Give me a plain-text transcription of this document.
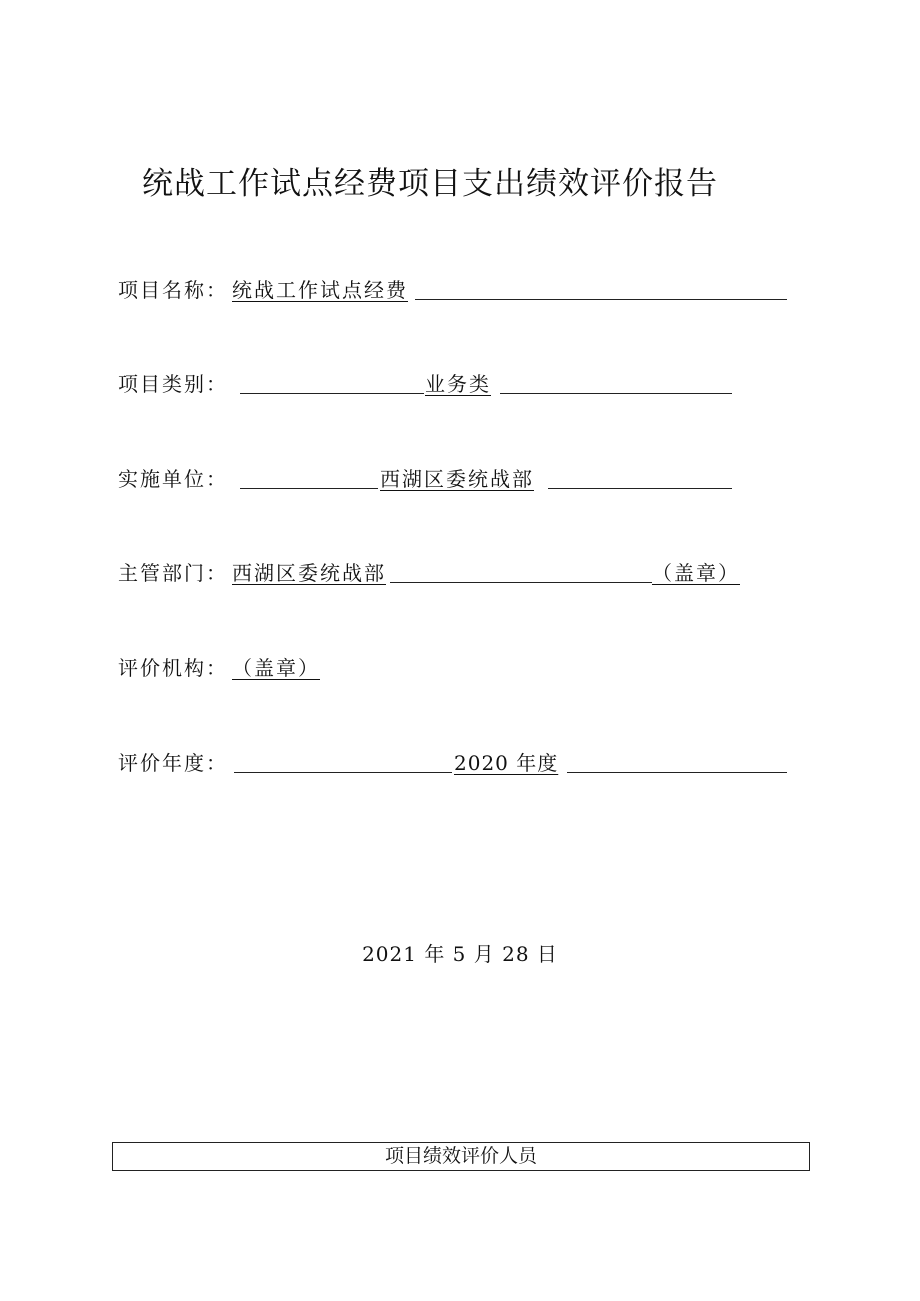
统战工作试点经费项目支出绩效评价报告
项目名称： 统战工作试点经费
项目类别：	业务类
实施单位：	西湖区委统战部
主管部门： 西湖区委统战部	（盖章）
评价机构： （盖章）
评价年度：	2020 年度
2021 年 5 月 28 日
项目绩效评价人员
